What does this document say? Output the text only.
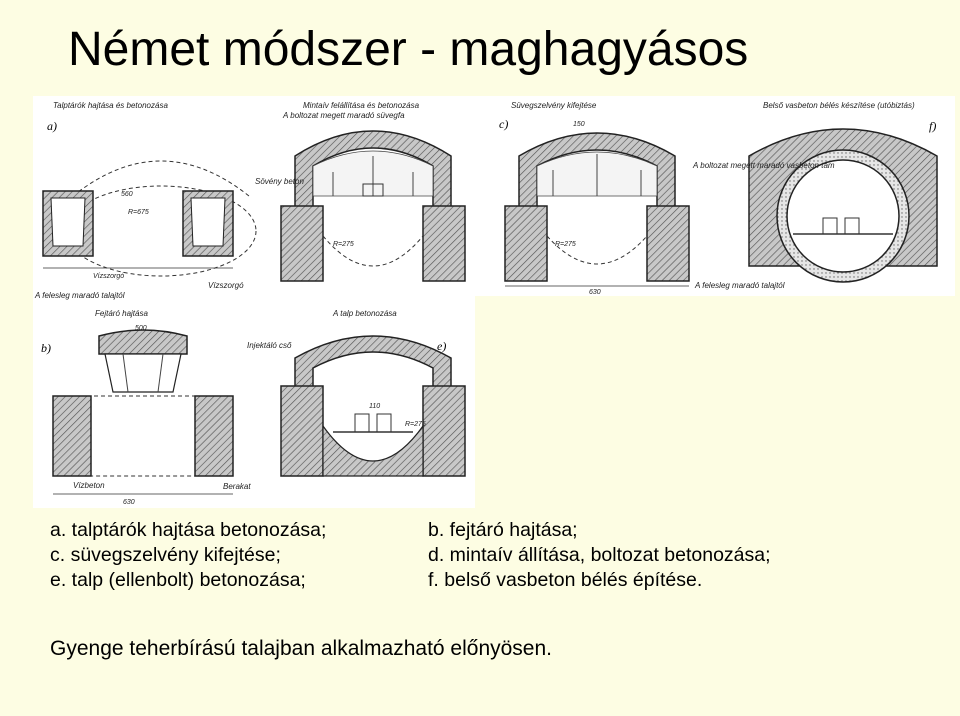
Német módszer - maghagyásos
Talptárók hajtása és betonozása
a)
Vízszorgó
R=675
560
Vízszorgó
A felesleg maradó talajtól
Mintaív felállítása és betonozása
Sövény beton
A boltozat megett maradó süvegfa
R=275
Süvegszelvény kifejtése
c)
630
150
R=275
Belső vasbeton bélés készítése (utóbiztás)
f)
A boltozat megett maradó vasbeton tám
A felesleg maradó talajtól
Fejtáró hajtása
b)
630
500
Berakat
Vízbeton
A talp betonozása
e)
Injektáló cső
110
R=275
a. talptárók hajtása betonozása;	b. fejtáró hajtása;
c. süvegszelvény kifejtése;	d. mintaív állítása, boltozat betonozása;
e. talp (ellenbolt) betonozása;	f. belső vasbeton bélés építése.
Gyenge teherbírású talajban alkalmazható előnyösen.
